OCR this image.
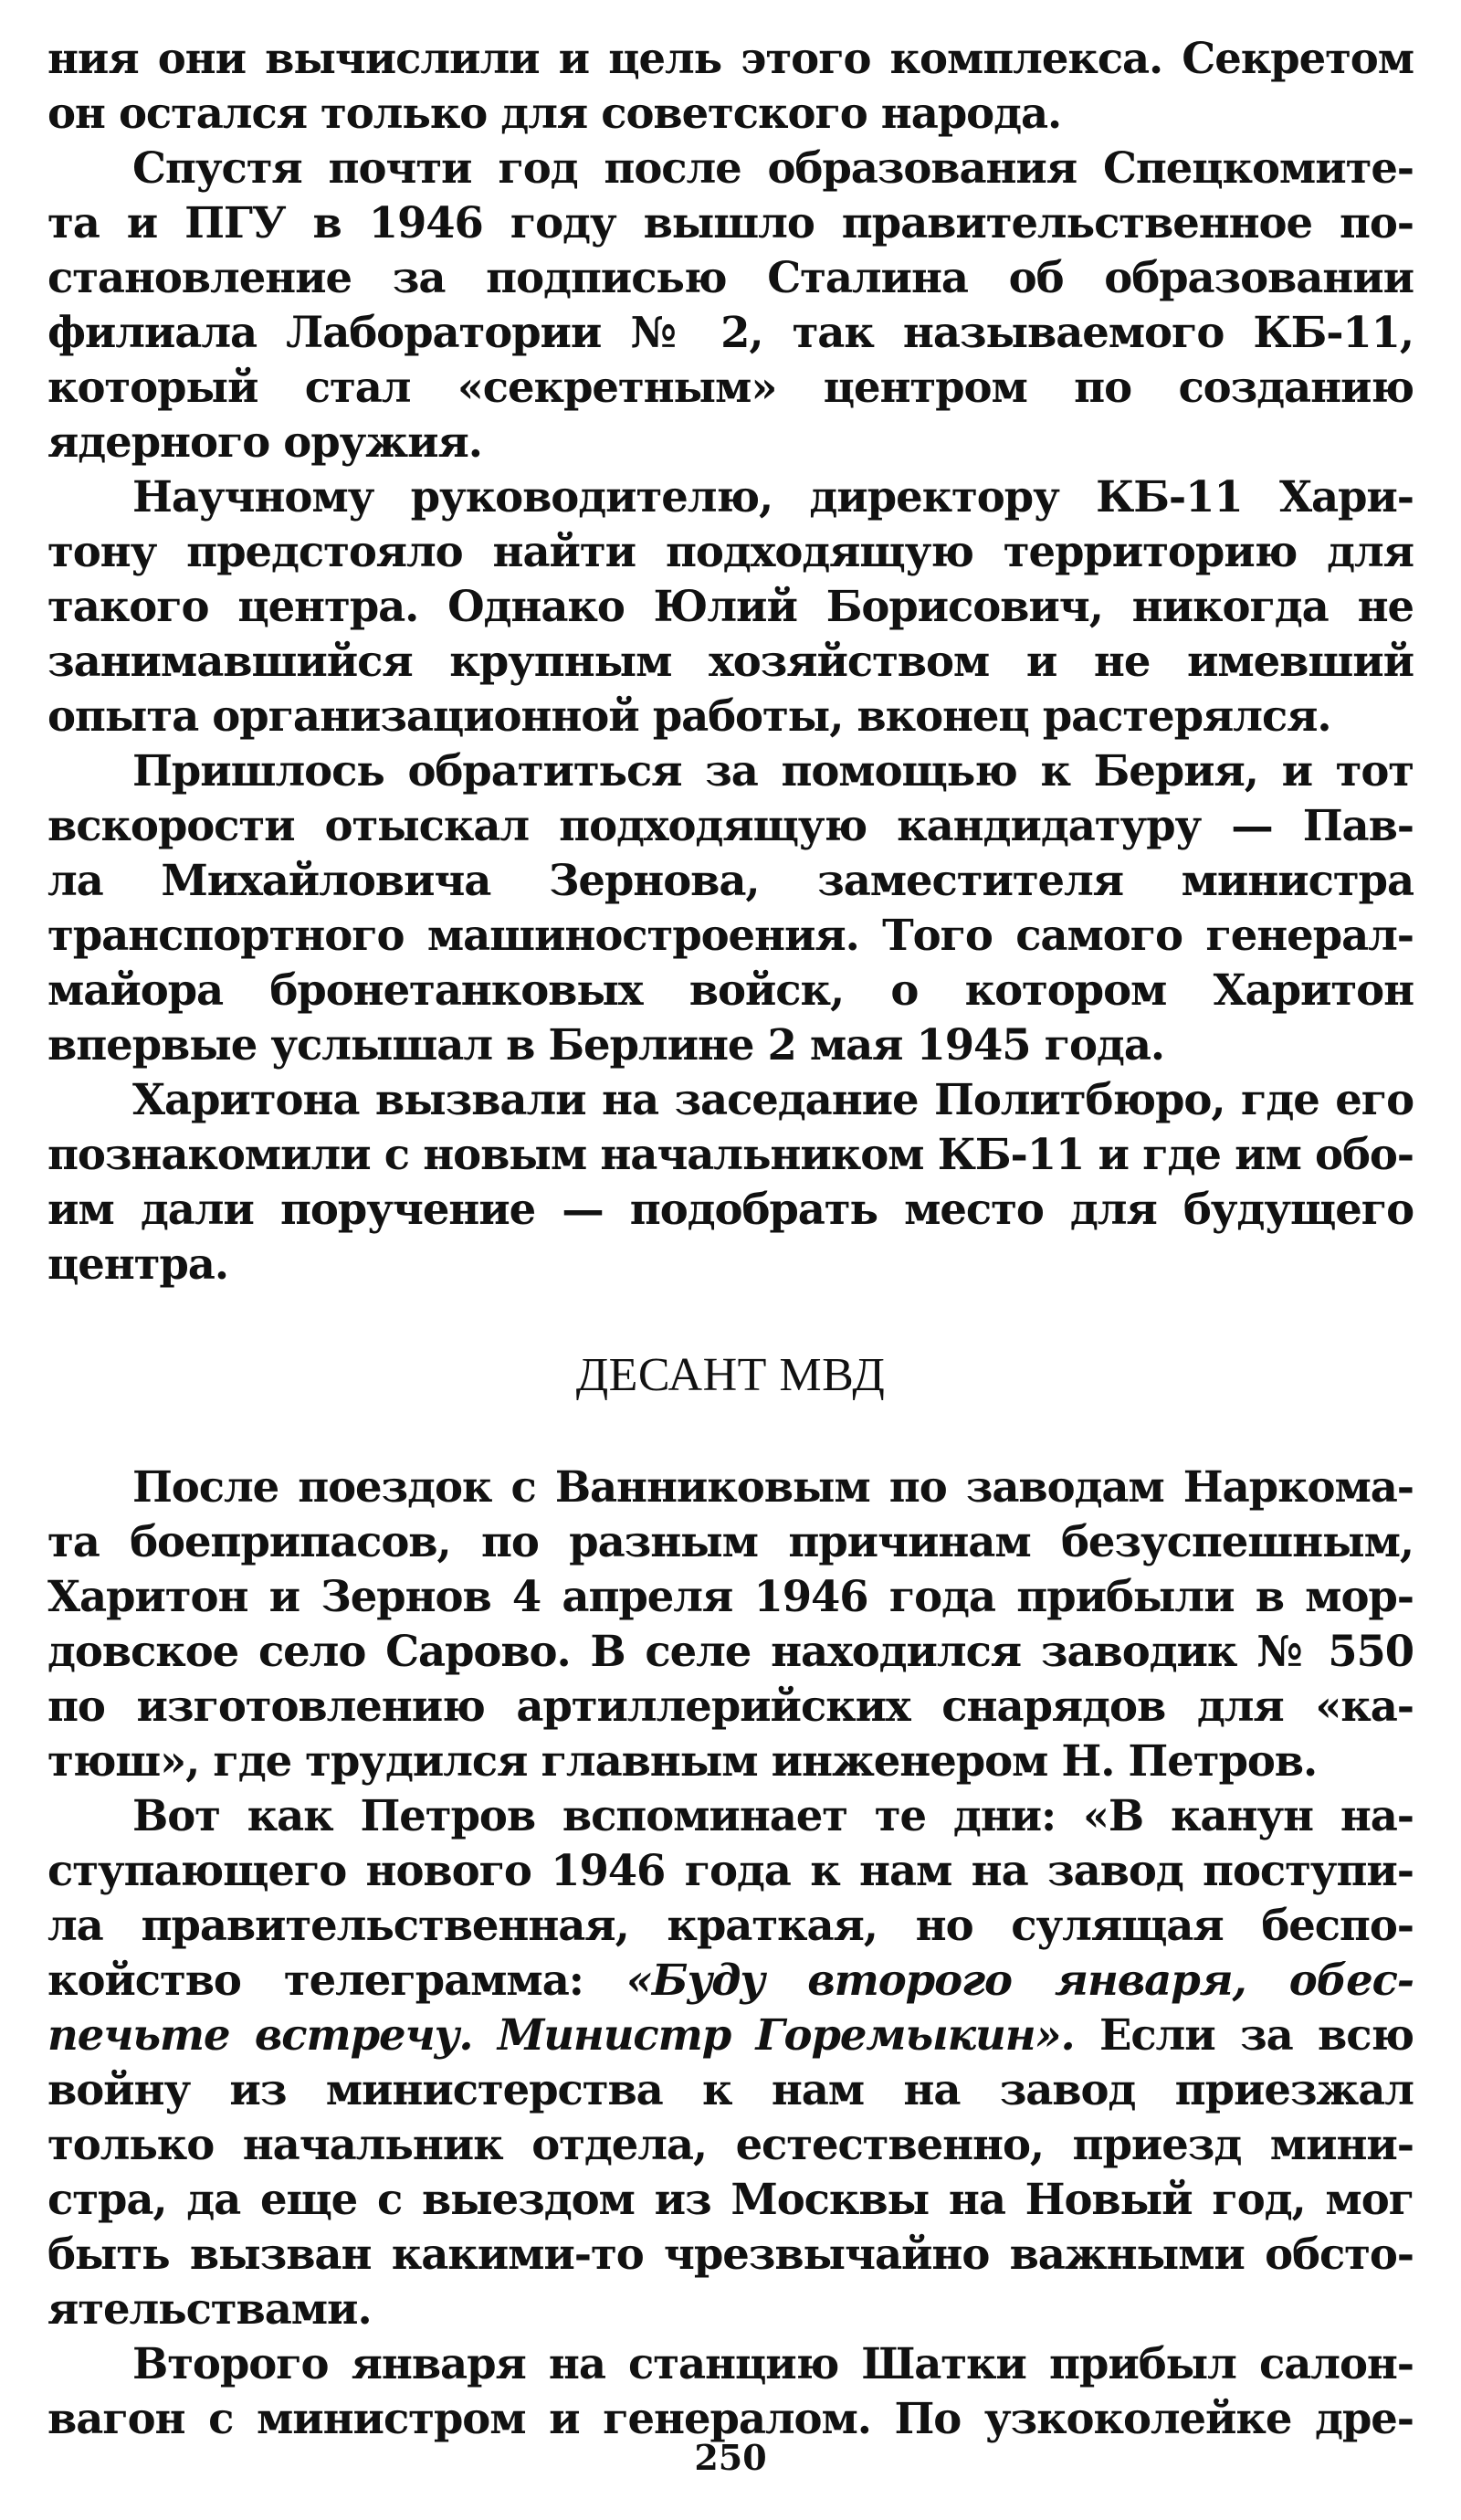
ния они вычислили и цель этого комплекса. Секретом
он остался только для советского народа.
Спустя почти год после образования Спецкомите-
та и ПГУ в 1946 году вышло правительственное по-
становление за подписью Сталина об образовании
филиала Лаборатории № 2, так называемого КБ-11,
который стал «секретным» центром по созданию
ядерного оружия.
Научному руководителю, директору КБ-11 Хари-
тону предстояло найти подходящую территорию для
такого центра. Однако Юлий Борисович, никогда не
занимавшийся крупным хозяйством и не имевший
опыта организационной работы, вконец растерялся.
Пришлось обратиться за помощью к Берия, и тот
вскорости отыскал подходящую кандидатуру — Пав-
ла Михайловича Зернова, заместителя министра
транспортного машиностроения. Того самого генерал-
майора бронетанковых войск, о котором Харитон
впервые услышал в Берлине 2 мая 1945 года.
Харитона вызвали на заседание Политбюро, где его
познакомили с новым начальником КБ-11 и где им обо-
им дали поручение — подобрать место для будущего
центра.
ДЕСАНТ МВД
После поездок с Ванниковым по заводам Наркома-
та боеприпасов, по разным причинам безуспешным,
Харитон и Зернов 4 апреля 1946 года прибыли в мор-
довское село Сарово. В селе находился заводик № 550
по изготовлению артиллерийских снарядов для «ка-
тюш», где трудился главным инженером Н. Петров.
Вот как Петров вспоминает те дни: «В канун на-
ступающего нового 1946 года к нам на завод поступи-
ла правительственная, краткая, но сулящая беспо-
койство телеграмма: «Буду второго января, обес-
печьте встречу. Министр Горемыкин». Если за всю
войну из министерства к нам на завод приезжал
только начальник отдела, естественно, приезд мини-
стра, да еще с выездом из Москвы на Новый год, мог
быть вызван какими-то чрезвычайно важными обсто-
ятельствами.
Второго января на станцию Шатки прибыл салон-
вагон с министром и генералом. По узкоколейке дре-
250
